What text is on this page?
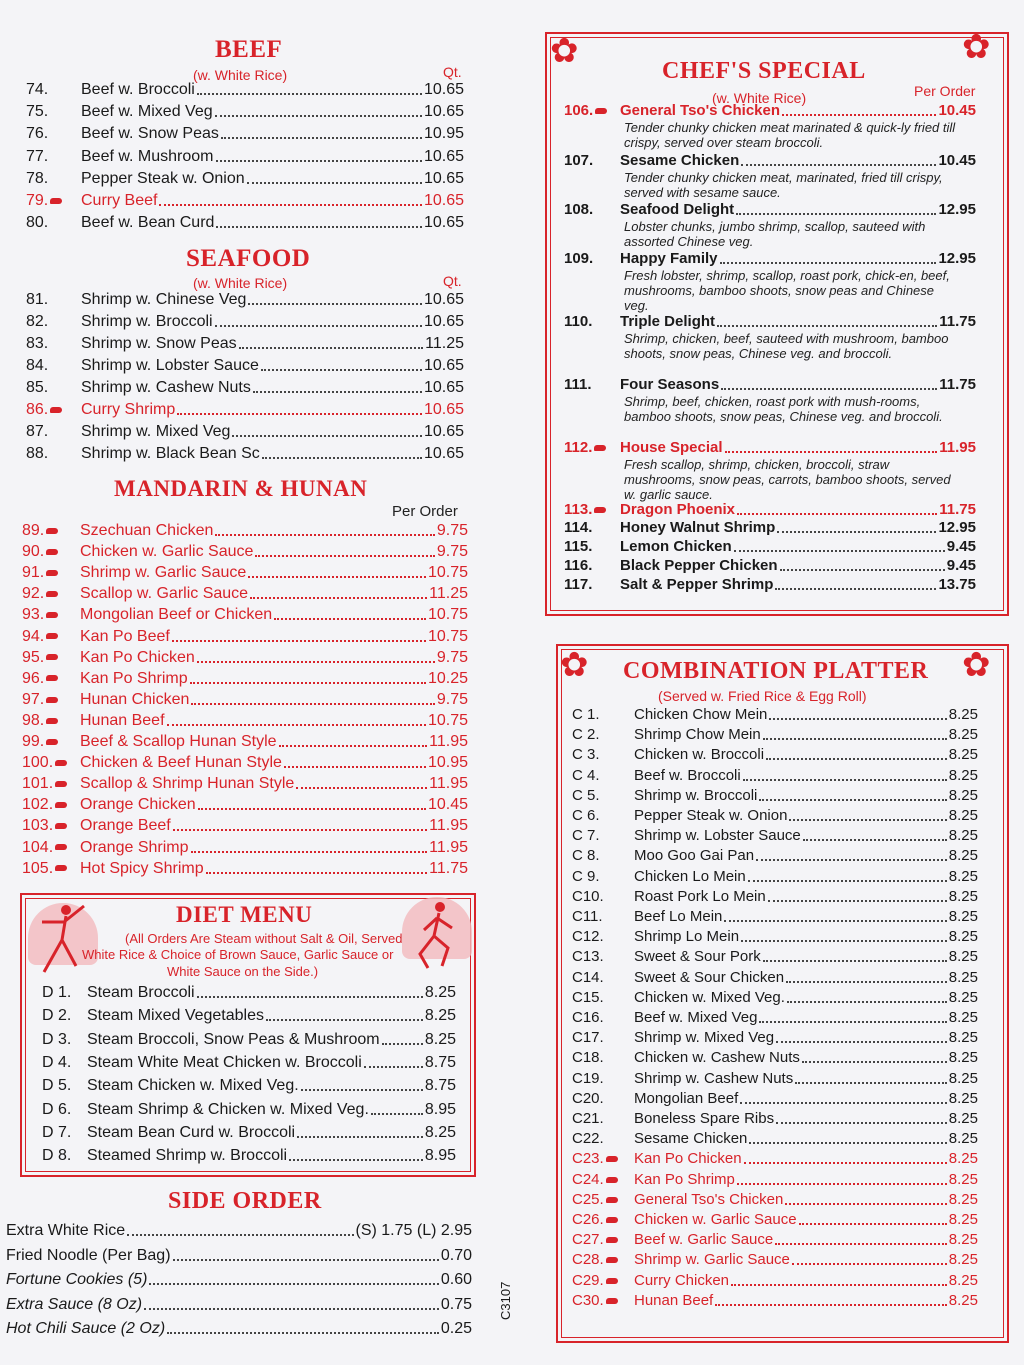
BEEF
(w. White Rice)	Qt.
74.	Beef w. Broccoli	10.65
75.	Beef w. Mixed Veg	10.65
76.	Beef w. Snow Peas	10.95
77.	Beef w. Mushroom	10.65
78.	Pepper Steak w. Onion	10.65
79.	Curry Beef	10.65
80.	Beef w. Bean Curd	10.65
SEAFOOD
(w. White Rice)	Qt.
81.	Shrimp w. Chinese Veg	10.65
82.	Shrimp w. Broccoli	10.65
83.	Shrimp w. Snow Peas	11.25
84.	Shrimp w. Lobster Sauce	10.65
85.	Shrimp w. Cashew Nuts	10.65
86.	Curry Shrimp	10.65
87.	Shrimp w. Mixed Veg	10.65
88.	Shrimp w. Black Bean Sc	10.65
MANDARIN & HUNAN
Per Order
89.	Szechuan Chicken	9.75
90.	Chicken w. Garlic Sauce	9.75
91.	Shrimp w. Garlic Sauce	10.75
92.	Scallop w. Garlic Sauce	11.25
93.	Mongolian Beef or Chicken	10.75
94.	Kan Po Beef	10.75
95.	Kan Po Chicken	9.75
96.	Kan Po Shrimp	10.25
97.	Hunan Chicken	9.75
98.	Hunan Beef	10.75
99.	Beef & Scallop Hunan Style	11.95
100.	Chicken & Beef Hunan Style	10.95
101.	Scallop & Shrimp Hunan Style	11.95
102.	Orange Chicken	10.45
103.	Orange Beef	11.95
104.	Orange Shrimp	11.95
105.	Hot Spicy Shrimp	11.75
DIET MENU
(All Orders Are Steam without Salt & Oil, Served
White Rice & Choice of Brown Sauce, Garlic Sauce or
White Sauce on the Side.)
D 1. Steam Broccoli	8.25
D 2. Steam Mixed Vegetables	8.25
D 3. Steam Broccoli, Snow Peas & Mushroom	8.25
D 4. Steam White Meat Chicken w. Broccoli	8.75
D 5. Steam Chicken w. Mixed Veg.	8.75
D 6. Steam Shrimp & Chicken w. Mixed Veg.	8.95
D 7. Steam Bean Curd w. Broccoli	8.25
D 8. Steamed Shrimp w. Broccoli	8.95
SIDE ORDER
Extra White Rice	(S) 1.75 (L) 2.95
Fried Noodle (Per Bag)	0.70
Fortune Cookies (5)	0.60
Extra Sauce (8 Oz)	0.75
Hot Chili Sauce (2 Oz)	0.25
C3107
✿	✿
CHEF'S SPECIAL
(w. White Rice)	Per Order
106.	General Tso's Chicken	10.45
Tender chunky chicken meat marinated & quick-ly fried till crispy, served over steam broccoli.
107.	Sesame Chicken	10.45
Tender chunky chicken meat, marinated, fried till crispy, served with sesame sauce.
108.	Seafood Delight	12.95
Lobster chunks, jumbo shrimp, scallop, sauteed with assorted Chinese veg.
109.	Happy Family	12.95
Fresh lobster, shrimp, scallop, roast pork, chick-en, beef, mushrooms, bamboo shoots, snow peas and Chinese veg.
110.	Triple Delight	11.75
Shrimp, chicken, beef, sauteed with mushroom, bamboo shoots, snow peas, Chinese veg. and broccoli.
111.	Four Seasons	11.75
Shrimp, beef, chicken, roast pork with mush-rooms, bamboo shoots, snow peas, Chinese veg. and broccoli.
112.	House Special	11.95
Fresh scallop, shrimp, chicken, broccoli, straw mushrooms, snow peas, carrots, bamboo shoots, served w. garlic sauce.
113.	Dragon Phoenix	11.75
114.	Honey Walnut Shrimp	12.95
115.	Lemon Chicken	9.45
116.	Black Pepper Chicken	9.45
117.	Salt & Pepper Shrimp	13.75
✿	✿
COMBINATION PLATTER
(Served w. Fried Rice & Egg Roll)
C 1.	Chicken Chow Mein	8.25
C 2.	Shrimp Chow Mein	8.25
C 3.	Chicken w. Broccoli	8.25
C 4.	Beef w. Broccoli	8.25
C 5.	Shrimp w. Broccoli	8.25
C 6.	Pepper Steak w. Onion	8.25
C 7.	Shrimp w. Lobster Sauce	8.25
C 8.	Moo Goo Gai Pan	8.25
C 9.	Chicken Lo Mein	8.25
C10.	Roast Pork Lo Mein	8.25
C11.	Beef Lo Mein	8.25
C12.	Shrimp Lo Mein	8.25
C13.	Sweet & Sour Pork	8.25
C14.	Sweet & Sour Chicken	8.25
C15.	Chicken w. Mixed Veg.	8.25
C16.	Beef w. Mixed Veg	8.25
C17.	Shrimp w. Mixed Veg	8.25
C18.	Chicken w. Cashew Nuts	8.25
C19.	Shrimp w. Cashew Nuts	8.25
C20.	Mongolian Beef	8.25
C21.	Boneless Spare Ribs	8.25
C22.	Sesame Chicken	8.25
C23.	Kan Po Chicken	8.25
C24.	Kan Po Shrimp	8.25
C25.	General Tso's Chicken	8.25
C26.	Chicken w. Garlic Sauce	8.25
C27.	Beef w. Garlic Sauce	8.25
C28.	Shrimp w. Garlic Sauce	8.25
C29.	Curry Chicken	8.25
C30.	Hunan Beef	8.25
